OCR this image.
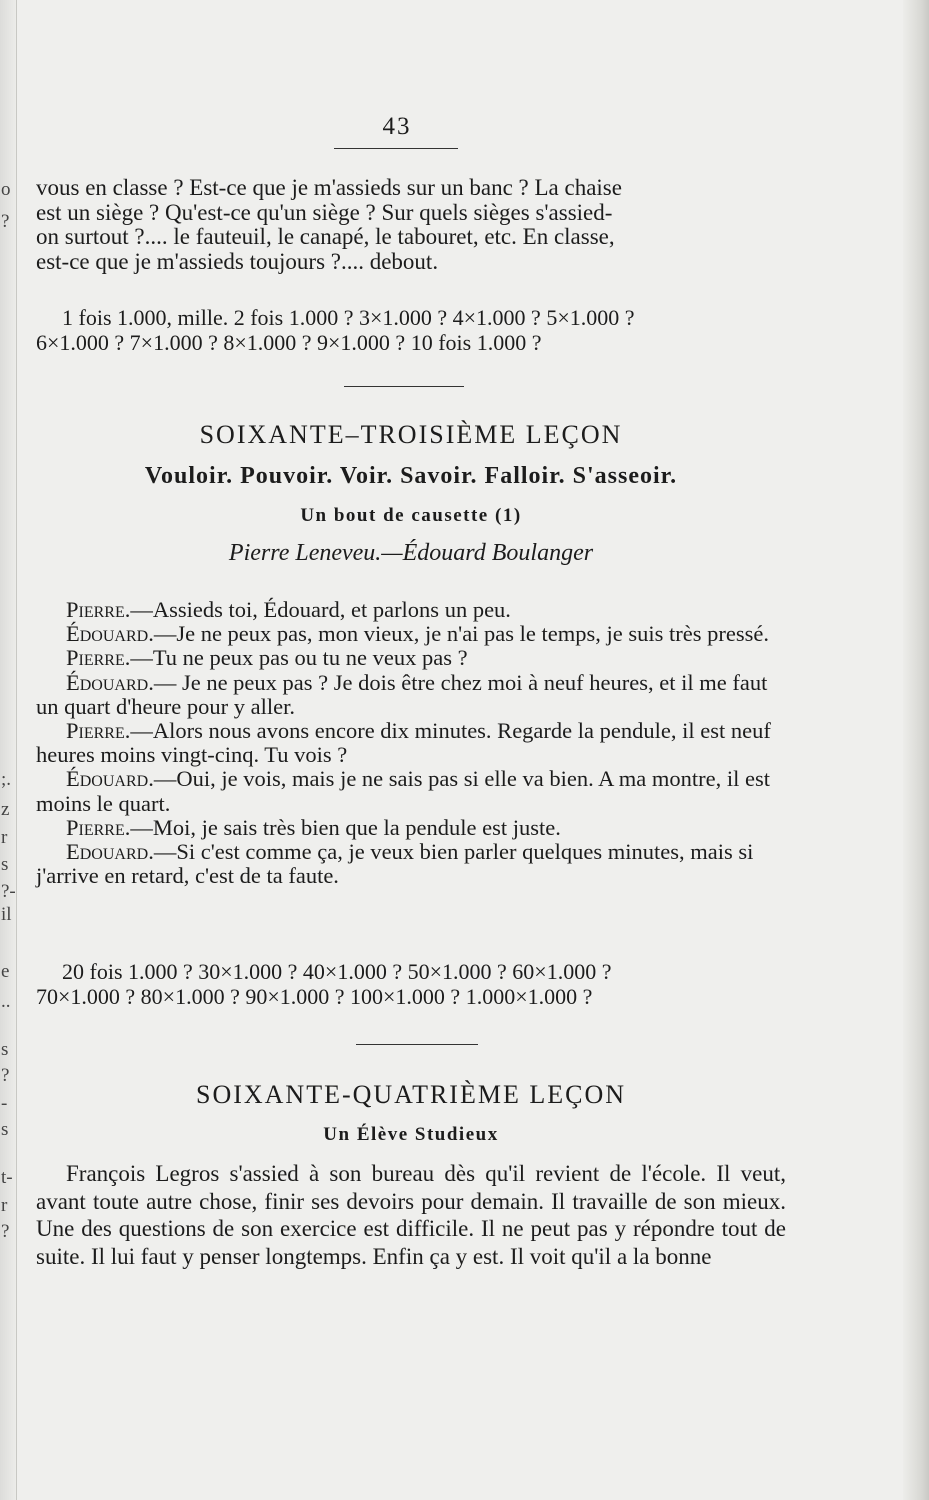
o
?
;.
z
r
s
?-
il
e
..
s
?
-
s
t-
r
?
43

vous en classe ? Est-ce que je m'assieds sur un banc ? La chaise

est un siège ? Qu'est-ce qu'un siège ? Sur quels sièges s'assied-

on surtout ?.... le fauteuil, le canapé, le tabouret, etc. En classe,

est-ce que je m'assieds toujours ?.... debout.

1 fois 1.000, mille. 2 fois 1.000 ? 3×1.000 ? 4×1.000 ? 5×1.000 ?

6×1.000 ? 7×1.000 ? 8×1.000 ? 9×1.000 ? 10 fois 1.000 ?

SOIXANTE–TROISIÈME LEÇON
Vouloir. Pouvoir. Voir. Savoir. Falloir. S'asseoir.
Un bout de causette (1)
Pierre Leneveu.—Édouard Boulanger

Pierre.—Assieds toi, Édouard, et parlons un peu.

Édouard.—Je ne peux pas, mon vieux, je n'ai pas le temps, je suis très pressé.

Pierre.—Tu ne peux pas ou tu ne veux pas ?

Édouard.— Je ne peux pas ? Je dois être chez moi à neuf heures, et il me faut un quart d'heure pour y aller.

Pierre.—Alors nous avons encore dix minutes. Regarde la pendule, il est neuf heures moins vingt-cinq. Tu vois ?

Édouard.—Oui, je vois, mais je ne sais pas si elle va bien. A ma montre, il est moins le quart.

Pierre.—Moi, je sais très bien que la pendule est juste.

Edouard.—Si c'est comme ça, je veux bien parler quelques minutes, mais si j'arrive en retard, c'est de ta faute.

20 fois 1.000 ? 30×1.000 ? 40×1.000 ? 50×1.000 ? 60×1.000 ?

70×1.000 ? 80×1.000 ? 90×1.000 ? 100×1.000 ? 1.000×1.000 ?

SOIXANTE-QUATRIÈME LEÇON
Un Élève Studieux

François Legros s'assied à son bureau dès qu'il revient de l'école. Il veut, avant toute autre chose, finir ses devoirs pour demain. Il travaille de son mieux. Une des questions de son exercice est difficile. Il ne peut pas y répondre tout de suite. Il lui faut y penser longtemps. Enfin ça y est. Il voit qu'il a la bonne
